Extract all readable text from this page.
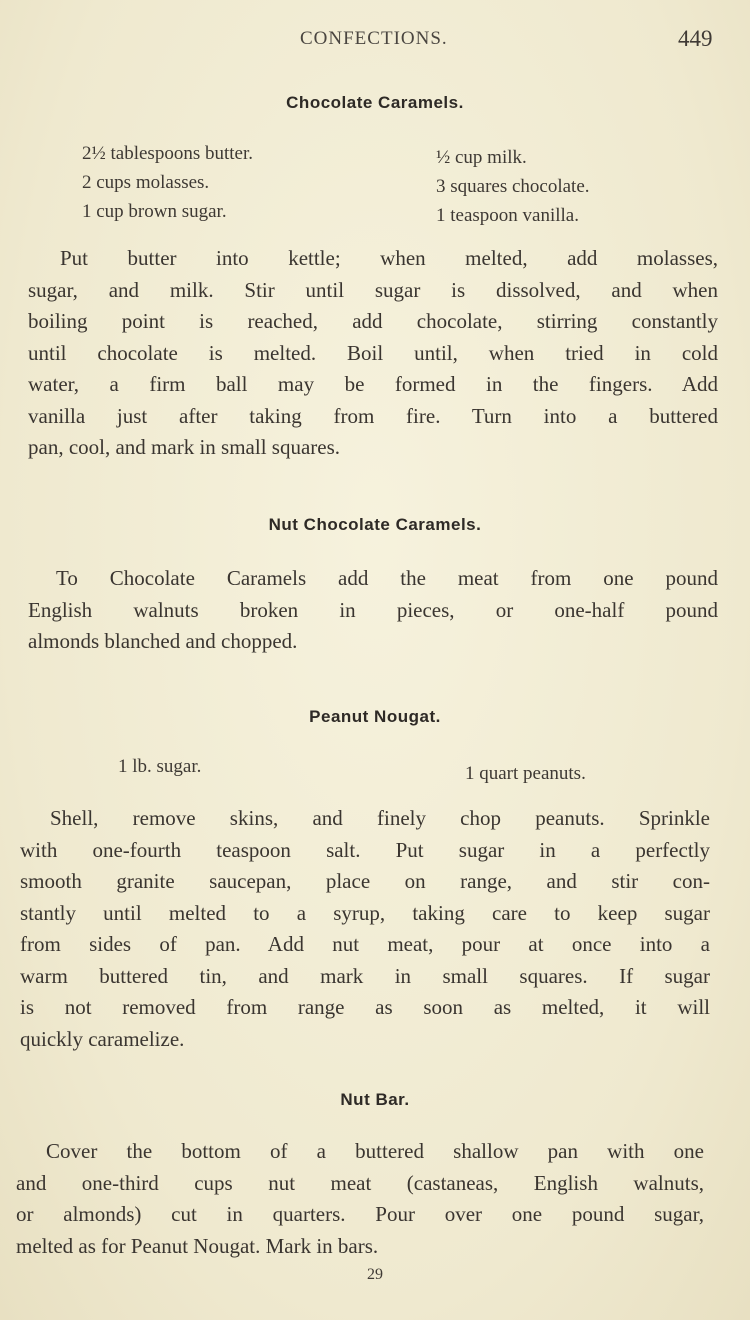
CONFECTIONS.	449
Chocolate Caramels.
2½ tablespoons butter.
2 cups molasses.
1 cup brown sugar.
½ cup milk.
3 squares chocolate.
1 teaspoon vanilla.
Put butter into kettle; when melted, add molasses,
sugar, and milk. Stir until sugar is dissolved, and when
boiling point is reached, add chocolate, stirring constantly
until chocolate is melted. Boil until, when tried in cold
water, a firm ball may be formed in the fingers. Add
vanilla just after taking from fire. Turn into a buttered
pan, cool, and mark in small squares.
Nut Chocolate Caramels.
To Chocolate Caramels add the meat from one pound
English walnuts broken in pieces, or one-half pound
almonds blanched and chopped.
Peanut Nougat.
1 lb. sugar.	1 quart peanuts.
Shell, remove skins, and finely chop peanuts. Sprinkle
with one-fourth teaspoon salt. Put sugar in a perfectly
smooth granite saucepan, place on range, and stir con-
stantly until melted to a syrup, taking care to keep sugar
from sides of pan. Add nut meat, pour at once into a
warm buttered tin, and mark in small squares. If sugar
is not removed from range as soon as melted, it will
quickly caramelize.
Nut Bar.
Cover the bottom of a buttered shallow pan with one
and one-third cups nut meat (castaneas, English walnuts,
or almonds) cut in quarters. Pour over one pound sugar,
melted as for Peanut Nougat. Mark in bars.
29
